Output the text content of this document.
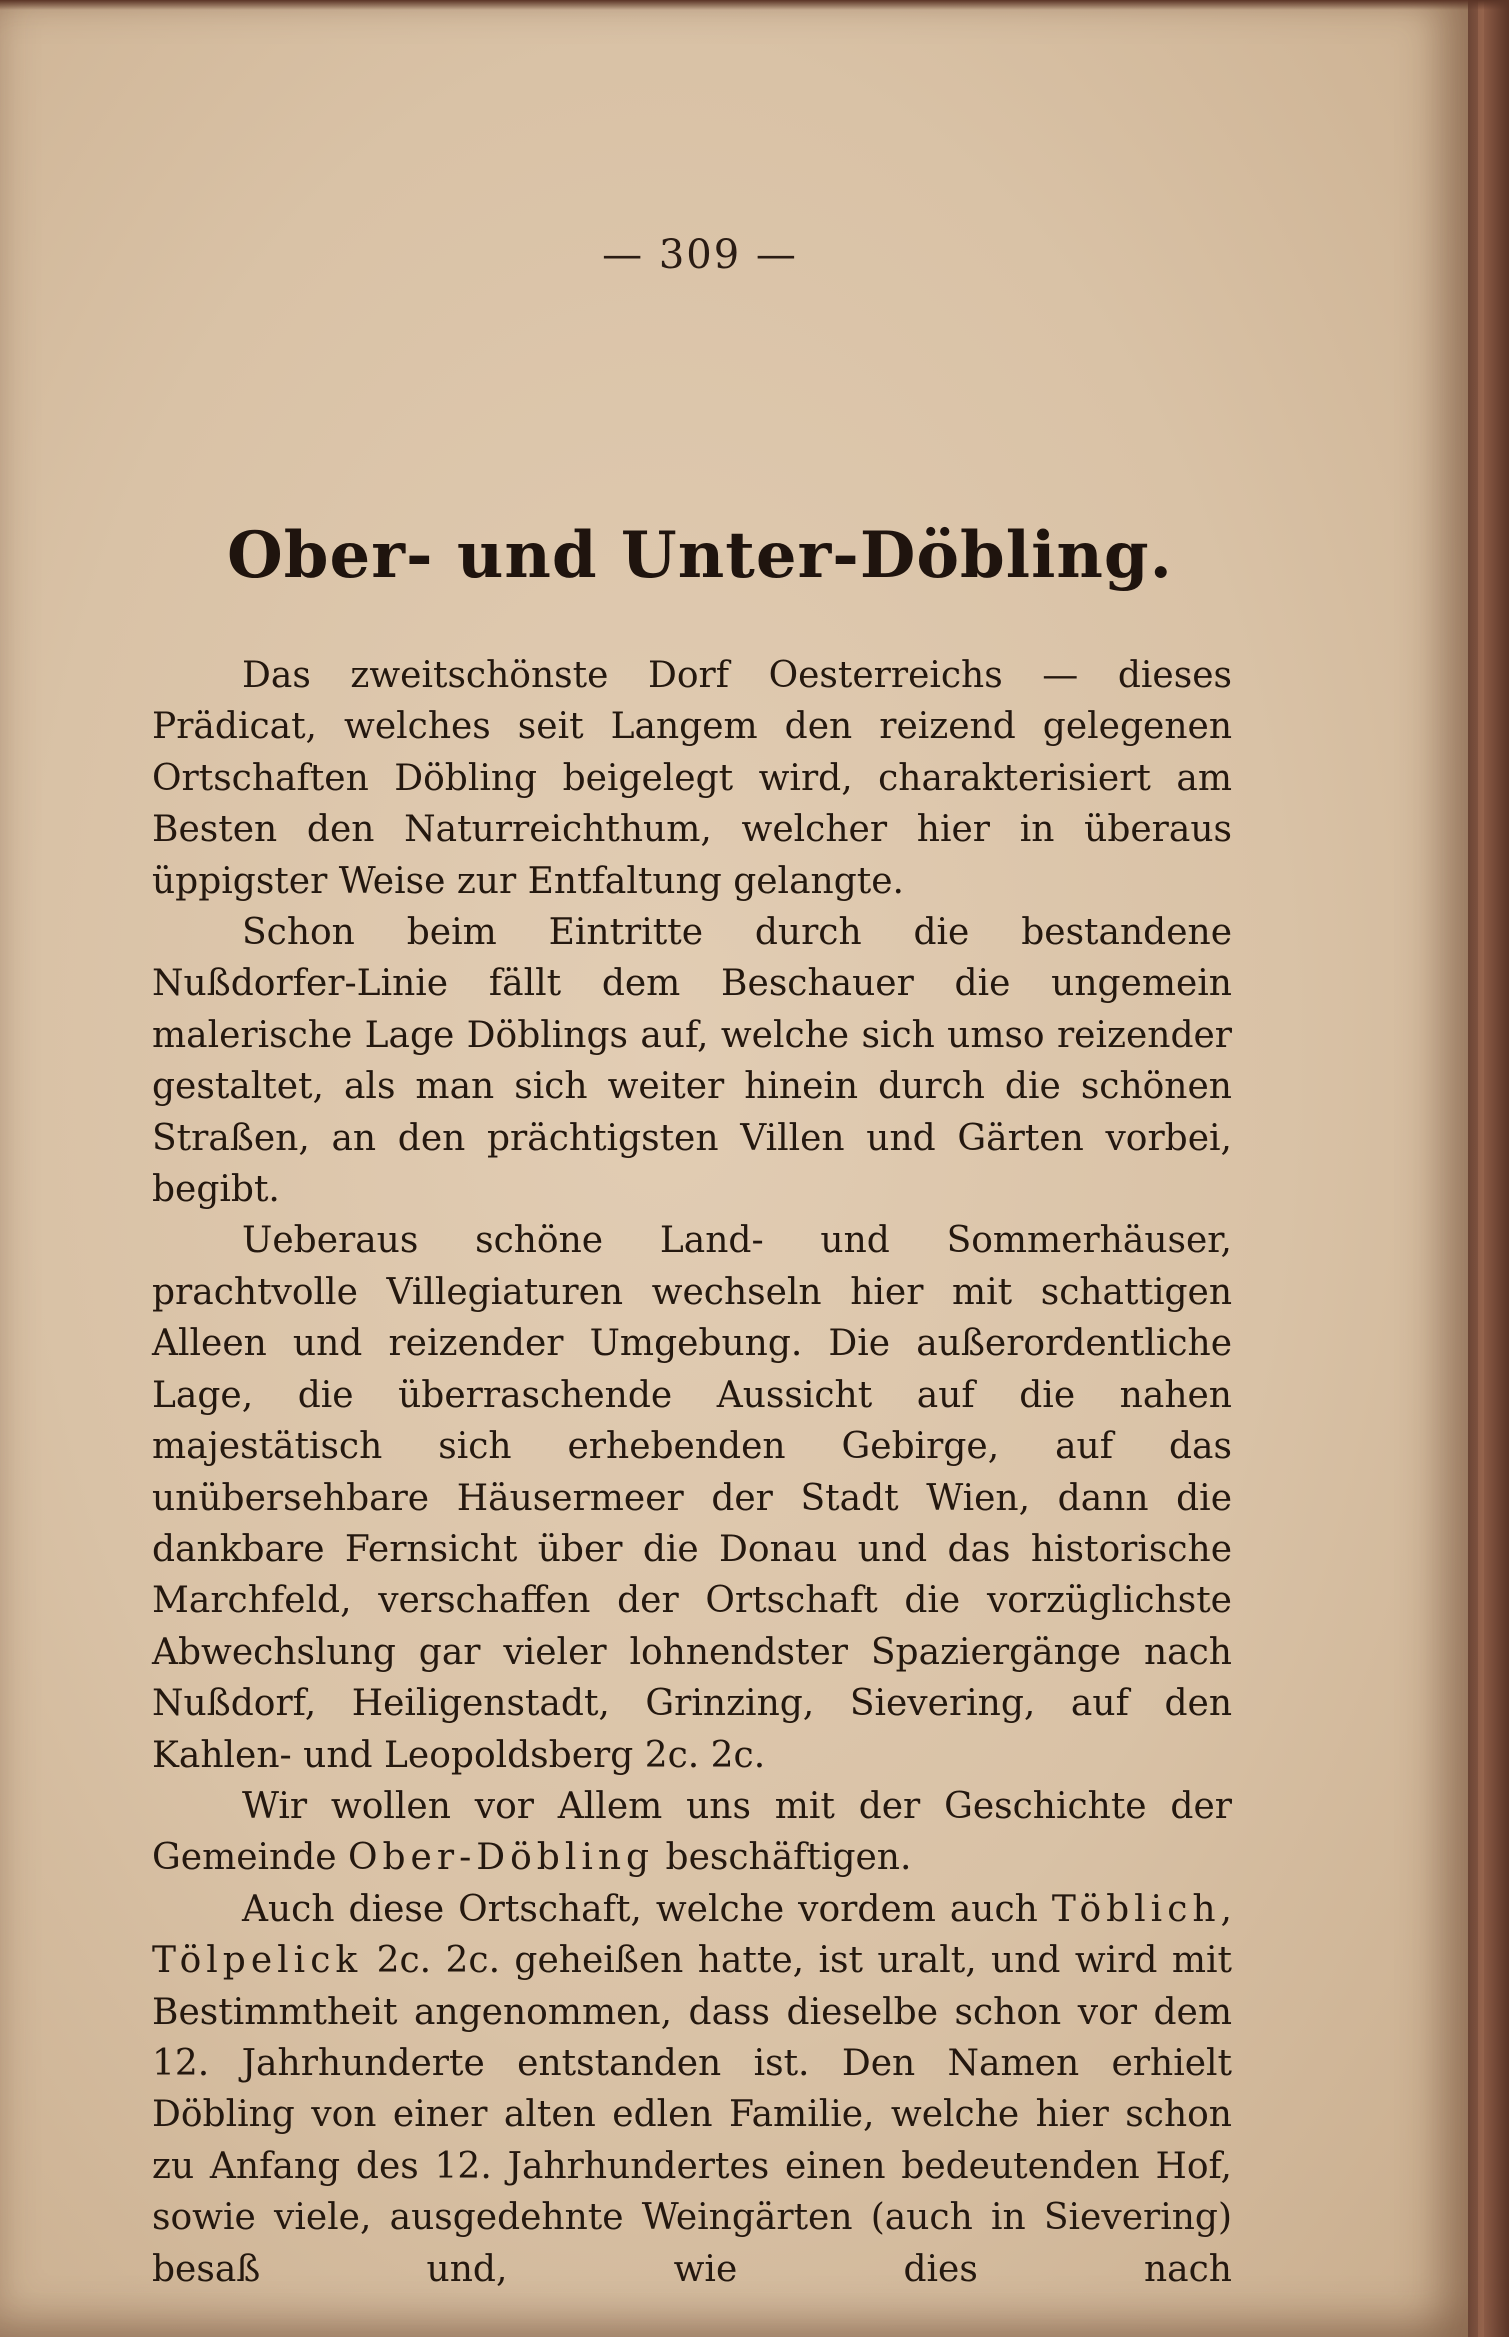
— 309 —
Ober- und Unter-Döbling.

Das zweitschönste Dorf Oesterreichs — dieses Prädicat, welches seit Langem den reizend gelegenen Ortschaften Döbling beigelegt wird, charakterisiert am Besten den Naturreichthum, welcher hier in überaus üppigster Weise zur Entfaltung gelangte.

Schon beim Eintritte durch die bestandene Nußdorfer-Linie fällt dem Beschauer die ungemein malerische Lage Döblings auf, welche sich umso reizender gestaltet, als man sich weiter hinein durch die schönen Straßen, an den prächtigsten Villen und Gärten vorbei, begibt.

Ueberaus schöne Land- und Sommerhäuser, prachtvolle Villegiaturen wechseln hier mit schattigen Alleen und reizender Umgebung. Die außerordentliche Lage, die überraschende Aussicht auf die nahen majestätisch sich erhebenden Gebirge, auf das unübersehbare Häusermeer der Stadt Wien, dann die dankbare Fernsicht über die Donau und das historische Marchfeld, verschaffen der Ortschaft die vorzüglichste Abwechslung gar vieler lohnendster Spaziergänge nach Nußdorf, Heiligenstadt, Grinzing, Sievering, auf den Kahlen- und Leopoldsberg 2c. 2c.

Wir wollen vor Allem uns mit der Geschichte der Gemeinde Ober-Döbling beschäftigen.

Auch diese Ortschaft, welche vordem auch Töblich, Tölpelick 2c. 2c. geheißen hatte, ist uralt, und wird mit Bestimmtheit angenommen, dass dieselbe schon vor dem 12. Jahrhunderte entstanden ist. Den Namen erhielt Döbling von einer alten edlen Familie, welche hier schon zu Anfang des 12. Jahrhundertes einen bedeutenden Hof, sowie viele, ausgedehnte Weingärten (auch in Sievering) besaß und, wie dies nach
